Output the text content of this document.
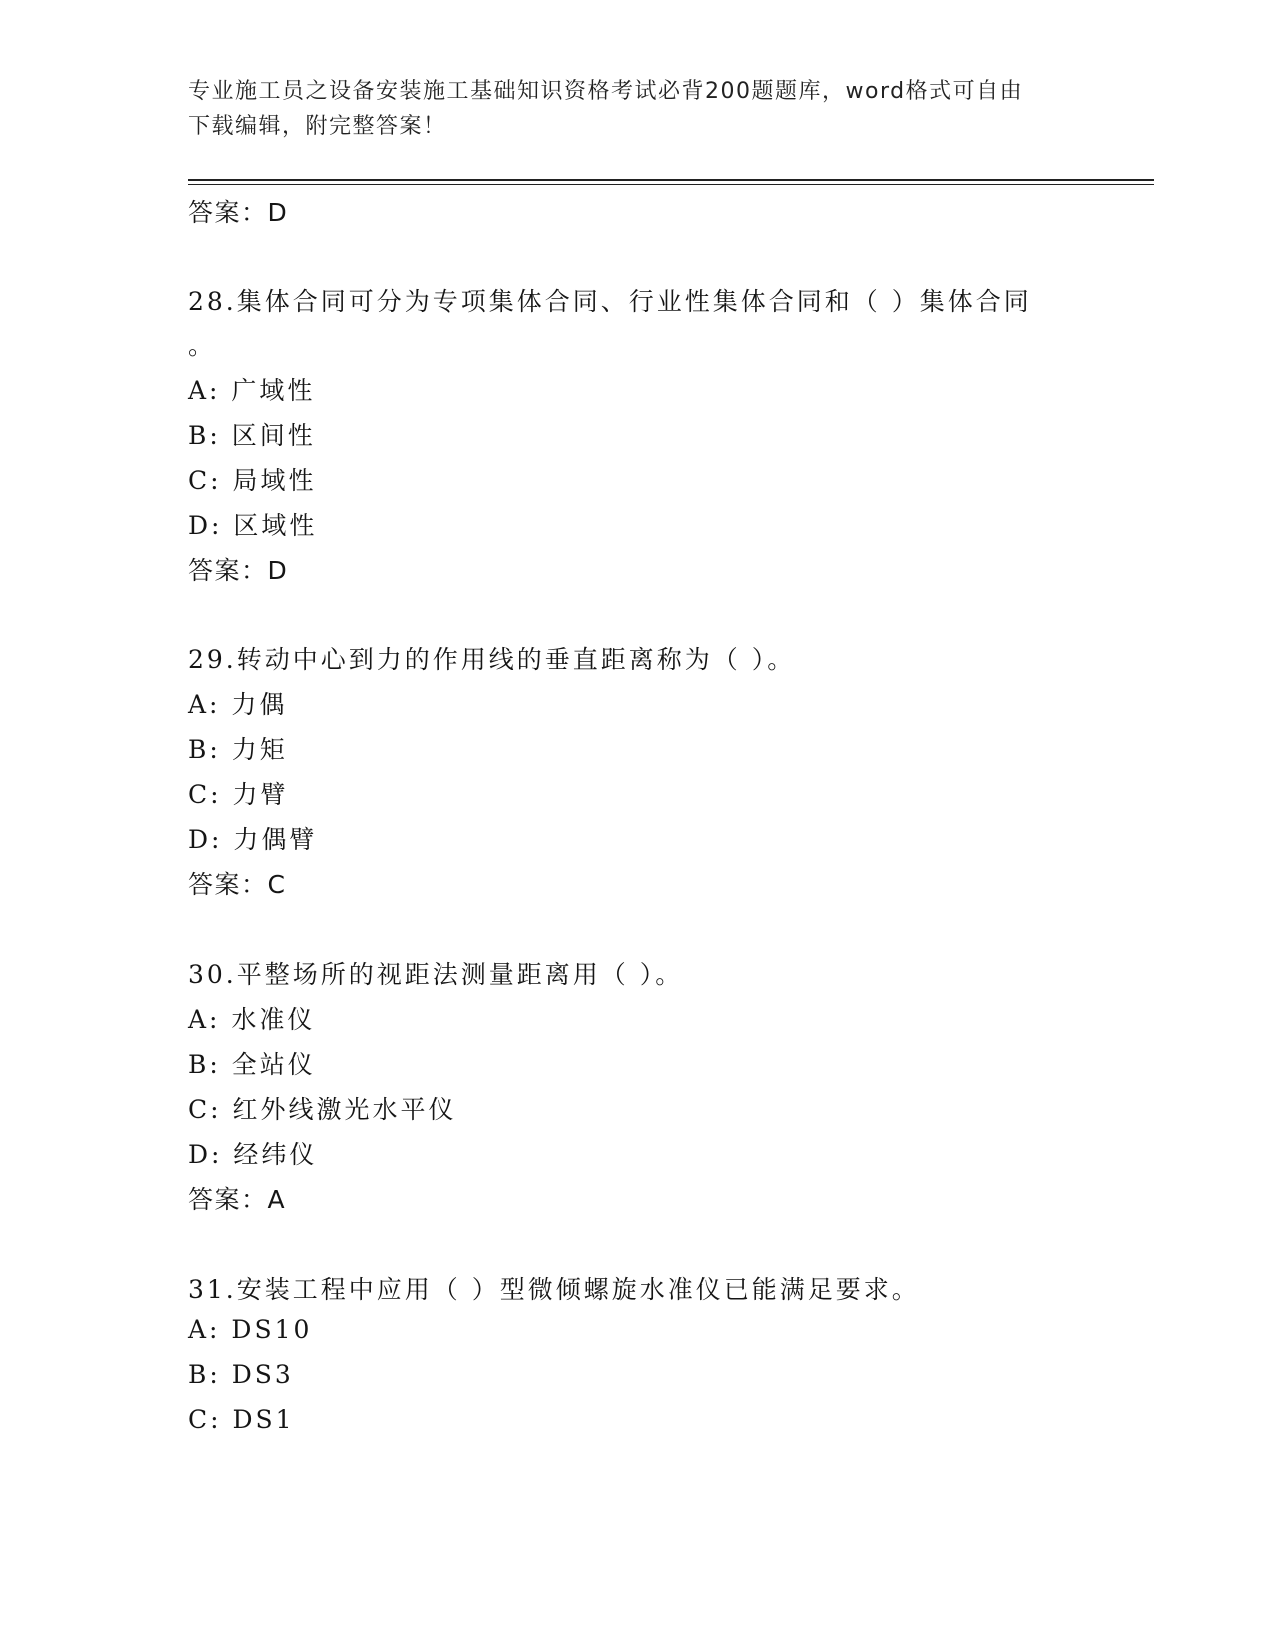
专业施工员之设备安装施工基础知识资格考试必背200题题库，word格式可自由
下载编辑，附完整答案！
答案：D
28.集体合同可分为专项集体合同、行业性集体合同和（ ）集体合同
。
A: 广域性
B: 区间性
C: 局域性
D: 区域性
答案：D
29.转动中心到力的作用线的垂直距离称为（ ）。
A: 力偶
B: 力矩
C: 力臂
D: 力偶臂
答案：C
30.平整场所的视距法测量距离用（ ）。
A: 水准仪
B: 全站仪
C: 红外线激光水平仪
D: 经纬仪
答案：A
31.安装工程中应用（ ）型微倾螺旋水准仪已能满足要求。
A: DS10
B: DS3
C: DS1
